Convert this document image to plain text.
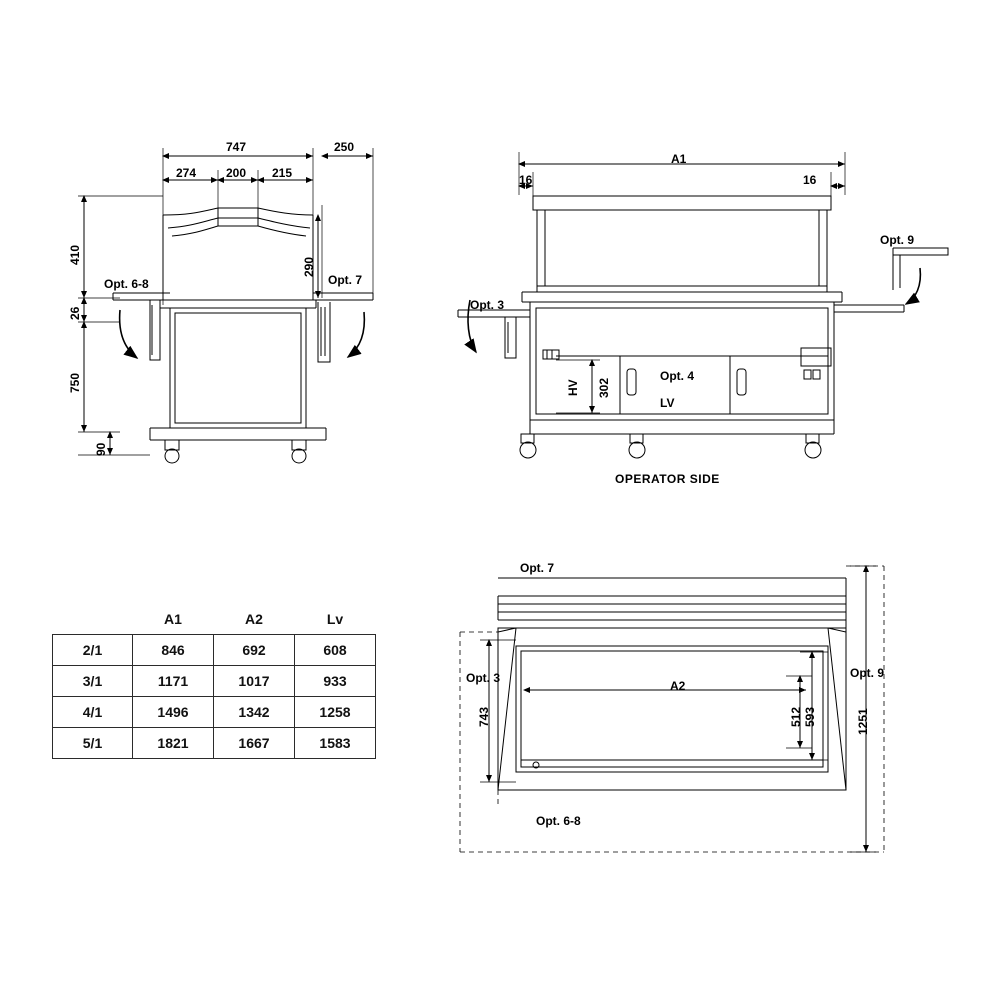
747	250
274 200 215
410
290
26
750
90
Opt. 6-8	Opt. 7
A1
16	16
302
HV
LV
Opt. 4
Opt. 3
Opt. 9
OPERATOR SIDE
Opt. 7
Opt. 3	Opt. 9
Opt. 6-8
A2
743	512 593	1251
	A1	A2	Lv
2/1	846	692	608
3/1	1171	1017	933
4/1	1496	1342	1258
5/1	1821	1667	1583
